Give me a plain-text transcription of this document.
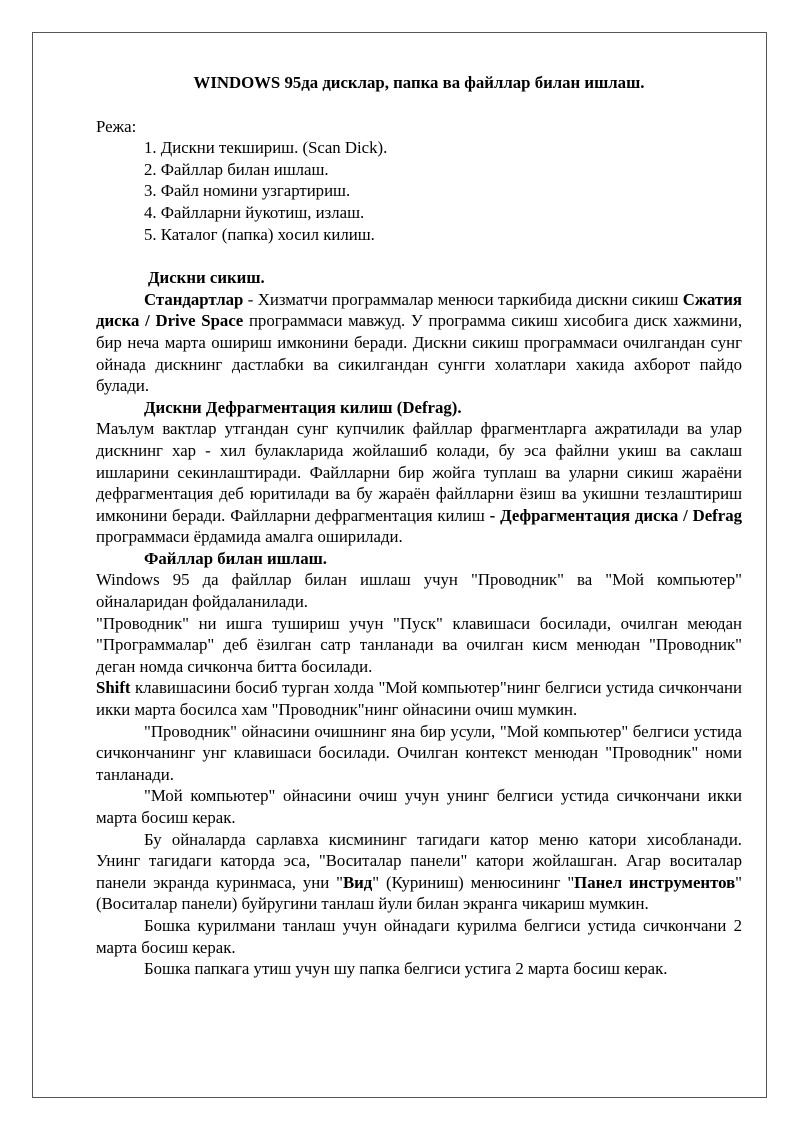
WINDOWS 95да дисклар, папка ва файллар билан ишлаш.
Режа:
1. Дискни текшириш. (Scan Dick).
2. Файллар билан ишлаш.
3. Файл номини узгартириш.
4. Файлларни йукотиш, излаш.
5. Каталог (папка) хосил килиш.
Дискни сикиш.

Стандартлар - Хизматчи программалар менюси таркибида дискни сикиш Сжатия диска / Drive Space программаси мавжуд. У программа сикиш хисобига диск хажмини, бир неча марта ошириш имконини беради. Дискни сикиш программаси очилгандан сунг ойнада дискнинг дастлабки ва сикилгандан сунгги холатлари хакида ахборот пайдо булади.

Дискни Дефрагментация килиш (Defrag).

Маълум вактлар утгандан сунг купчилик файллар фрагментларга ажратилади ва улар дискнинг хар - хил булакларида жойлашиб колади, бу эса файлни укиш ва саклаш ишларини секинлаштиради. Файлларни бир жойга туплаш ва уларни сикиш жараёни дефрагментация деб юритилади ва бу жараён файлларни ёзиш ва укишни тезлаштириш имконини беради. Файлларни дефрагментация килиш - Дефрагментация диска / Defrag программаси ёрдамида амалга оширилади.

Файллар билан ишлаш.

Windows 95 да файллар билан ишлаш учун "Проводник" ва "Мой компьютер" ойналаридан фойдаланилади.

"Проводник" ни ишга тушириш учун "Пуск" клавишаси босилади, очилган меюдан "Программалар" деб ёзилган сатр танланади ва очилган кисм менюдан "Проводник" деган номда сичконча битта босилади.

Shift клавишасини босиб турган холда "Мой компьютер"нинг белгиси устида сичкончани икки марта босилса хам "Проводник"нинг ойнасини очиш мумкин.

"Проводник" ойнасини очишнинг яна бир усули, "Мой компьютер" белгиси устида сичкончанинг унг клавишаси босилади. Очилган контекст менюдан "Проводник" номи танланади.

"Мой компьютер" ойнасини очиш учун унинг белгиси устида сичкончани икки марта босиш керак.

Бу ойналарда сарлавха кисмининг тагидаги катор меню катори хисобланади. Унинг тагидаги каторда эса, "Воситалар панели" катори жойлашган. Агар воситалар панели экранда куринмаса, уни "Вид" (Куриниш) менюсининг "Панел инструментов" (Воситалар панели) буйругини танлаш йули билан экранга чикариш мумкин.

Бошка курилмани танлаш учун ойнадаги курилма белгиси устида сичкончани 2 марта босиш керак.

Бошка папкага утиш учун шу папка белгиси устига 2 марта босиш керак.
